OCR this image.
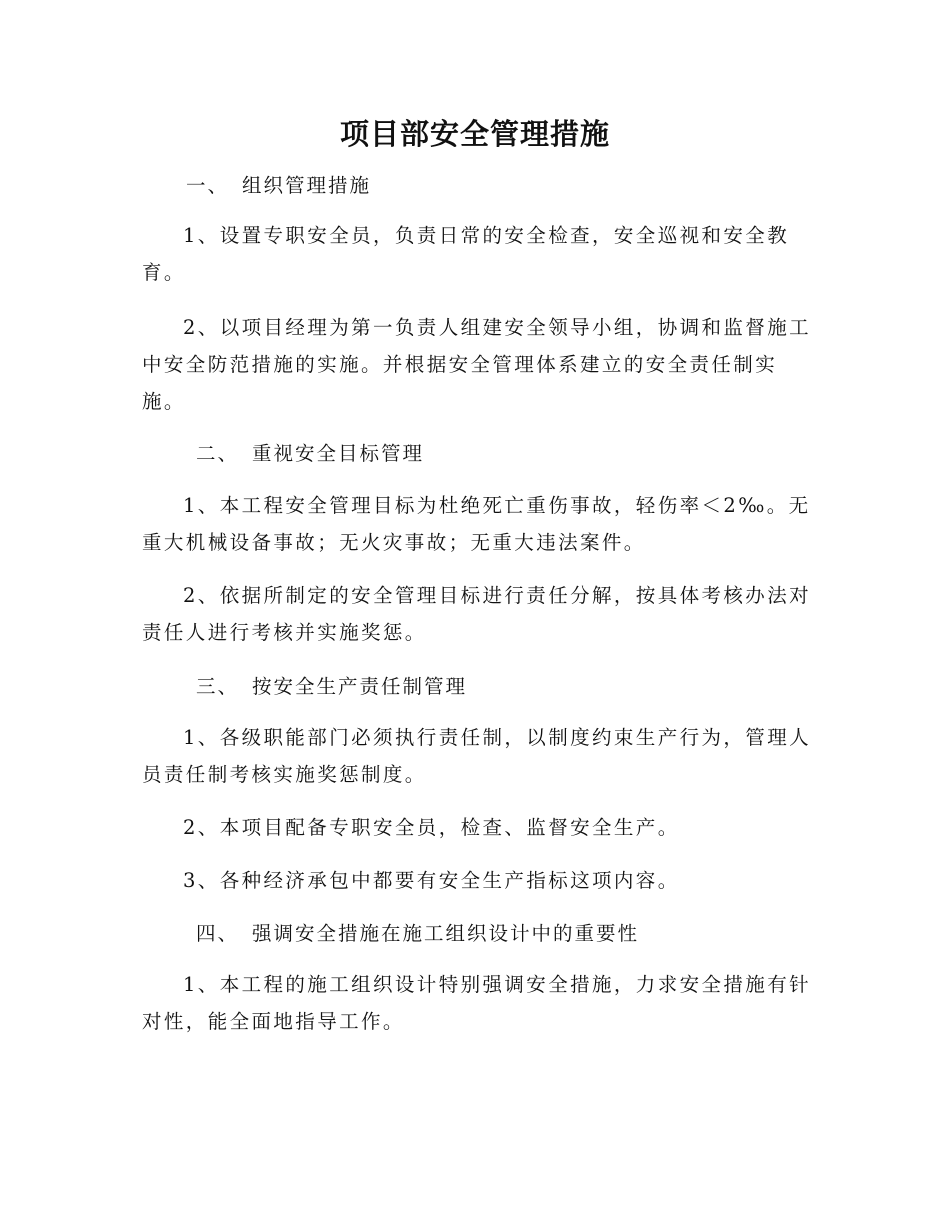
项目部安全管理措施
一、 组织管理措施
1、设置专职安全员，负责日常的安全检查，安全巡视和安全教
育。
2、以项目经理为第一负责人组建安全领导小组，协调和监督施工
中安全防范措施的实施。并根据安全管理体系建立的安全责任制实
施。
二、 重视安全目标管理
1、本工程安全管理目标为杜绝死亡重伤事故，轻伤率＜2‰。无
重大机械设备事故；无火灾事故；无重大违法案件。
2、依据所制定的安全管理目标进行责任分解，按具体考核办法对
责任人进行考核并实施奖惩。
三、 按安全生产责任制管理
1、各级职能部门必须执行责任制，以制度约束生产行为，管理人
员责任制考核实施奖惩制度。
2、本项目配备专职安全员，检查、监督安全生产。
3、各种经济承包中都要有安全生产指标这项内容。
四、 强调安全措施在施工组织设计中的重要性
1、本工程的施工组织设计特别强调安全措施，力求安全措施有针
对性，能全面地指导工作。
